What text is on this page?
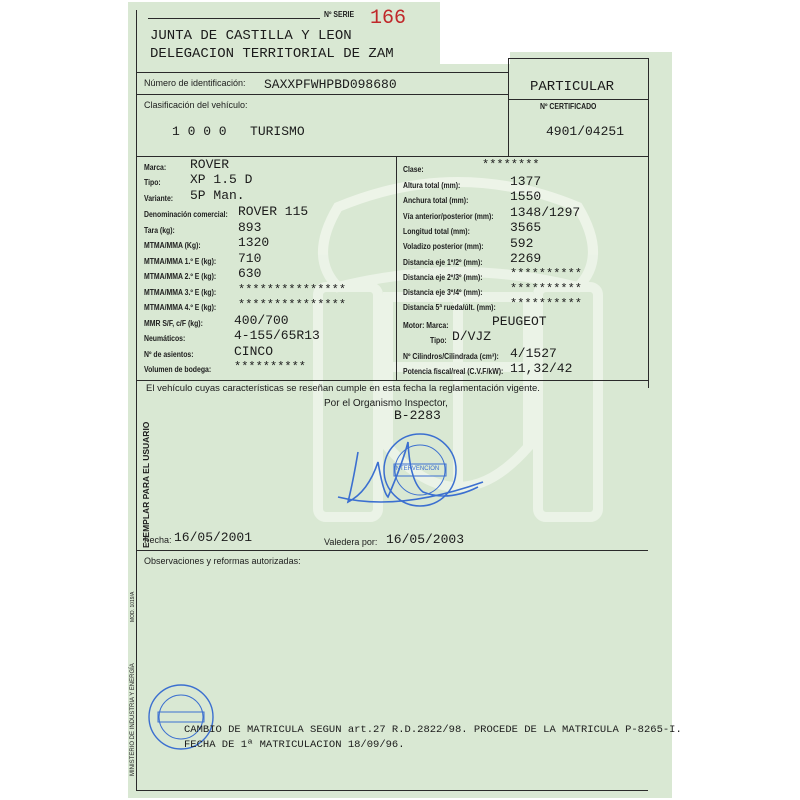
Nº SERIE 166
JUNTA DE CASTILLA Y LEON
DELEGACION TERRITORIAL DE ZAM
Número de identificación: SAXXPFWHPBD098680	PARTICULAR
Nº CERTIFICADO
4901/04251
Clasificación del vehículo:
1 0 0 0   TURISMO
Marca: ROVER
Tipo: XP 1.5 D
Variante: 5P Man.
Denominación comercial: ROVER 115
Tara (kg):	893
MTMA/MMA (Kg):	1320
MTMA/MMA 1.º E (kg): 710
MTMA/MMA 2.º E (kg): 630
MTMA/MMA 3.º E (kg): ***************
MTMA/MMA 4.º E (kg): ***************
MMR S/F, c/F (kg): 400/700
Neumáticos:	4-155/65R13
Nº de asientos:	CINCO
Volumen de bodega: **********
Clase:	********
Altura total (mm):	1377
Anchura total (mm):	1550
Vía anterior/posterior (mm): 1348/1297
Longitud total (mm):	3565
Voladizo posterior (mm): 592
Distancia eje 1º/2º (mm): 2269
Distancia eje 2º/3º (mm): **********
Distancia eje 3º/4º (mm): **********
Distancia 5ª rueda/últ. (mm): **********
Motor: Marca:	PEUGEOT
Tipo: D/VJZ
Nº Cilindros/Cilindrada (cm³): 4/1527
Potencia fiscal/real (C.V.F/kW): 11,32/42
El vehículo cuyas características se reseñan cumple en esta fecha la reglamentación vigente.
Por el Organismo Inspector,
B-2283
INTERVENCION
Fecha: 16/05/2001	Valedera por: 16/05/2003
Observaciones y reformas autorizadas:
CAMBIO DE MATRICULA SEGUN art.27 R.D.2822/98. PROCEDE DE LA MATRICULA P-8265-I.
FECHA DE 1ª MATRICULACION 18/09/96.
EJEMPLAR PARA EL USUARIO
MINISTERIO DE INDUSTRIA Y ENERGÍA
MOD. 1019/A
